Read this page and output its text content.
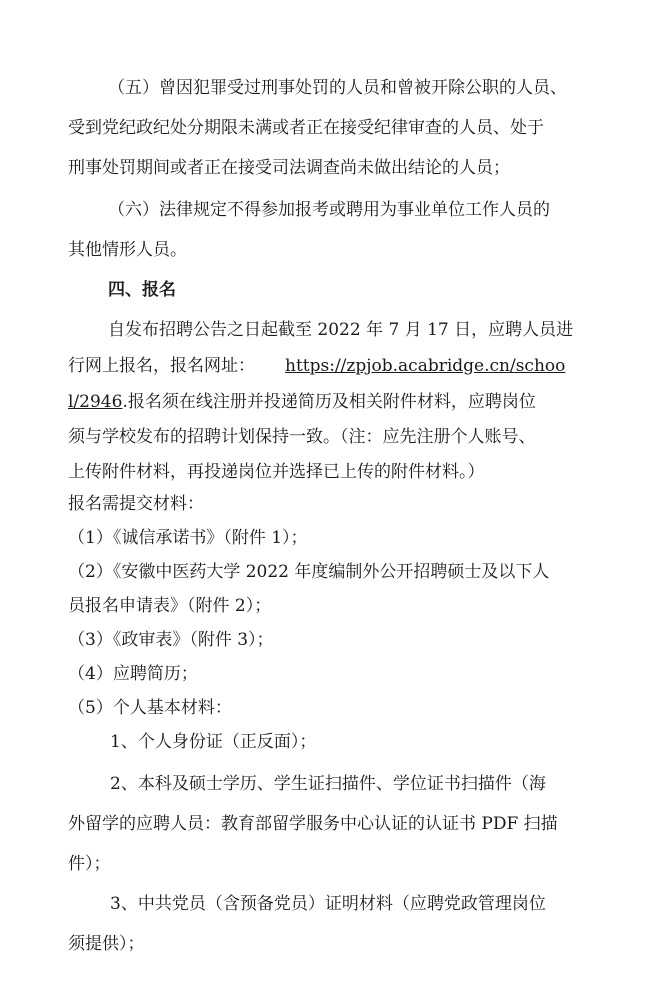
（五）曾因犯罪受过刑事处罚的人员和曾被开除公职的人员、
受到党纪政纪处分期限未满或者正在接受纪律审查的人员、处于
刑事处罚期间或者正在接受司法调查尚未做出结论的人员；
（六）法律规定不得参加报考或聘用为事业单位工作人员的
其他情形人员。
四、报名
自发布招聘公告之日起截至 2022 年 7 月 17 日，应聘人员进
行网上报名，报名网址： https://zpjob.acabridge.cn/schoo
l/2946.报名须在线注册并投递简历及相关附件材料，应聘岗位
须与学校发布的招聘计划保持一致。（注：应先注册个人账号、
上传附件材料，再投递岗位并选择已上传的附件材料。）
报名需提交材料：
（1）《诚信承诺书》（附件 1）；
（2）《安徽中医药大学 2022 年度编制外公开招聘硕士及以下人
员报名申请表》（附件 2）；
（3）《政审表》（附件 3）；
（4）应聘简历；
（5）个人基本材料：
1、个人身份证（正反面）；
2、本科及硕士学历、学生证扫描件、学位证书扫描件（海
外留学的应聘人员：教育部留学服务中心认证的认证书 PDF 扫描
件）；
3、中共党员（含预备党员）证明材料（应聘党政管理岗位
须提供）；
